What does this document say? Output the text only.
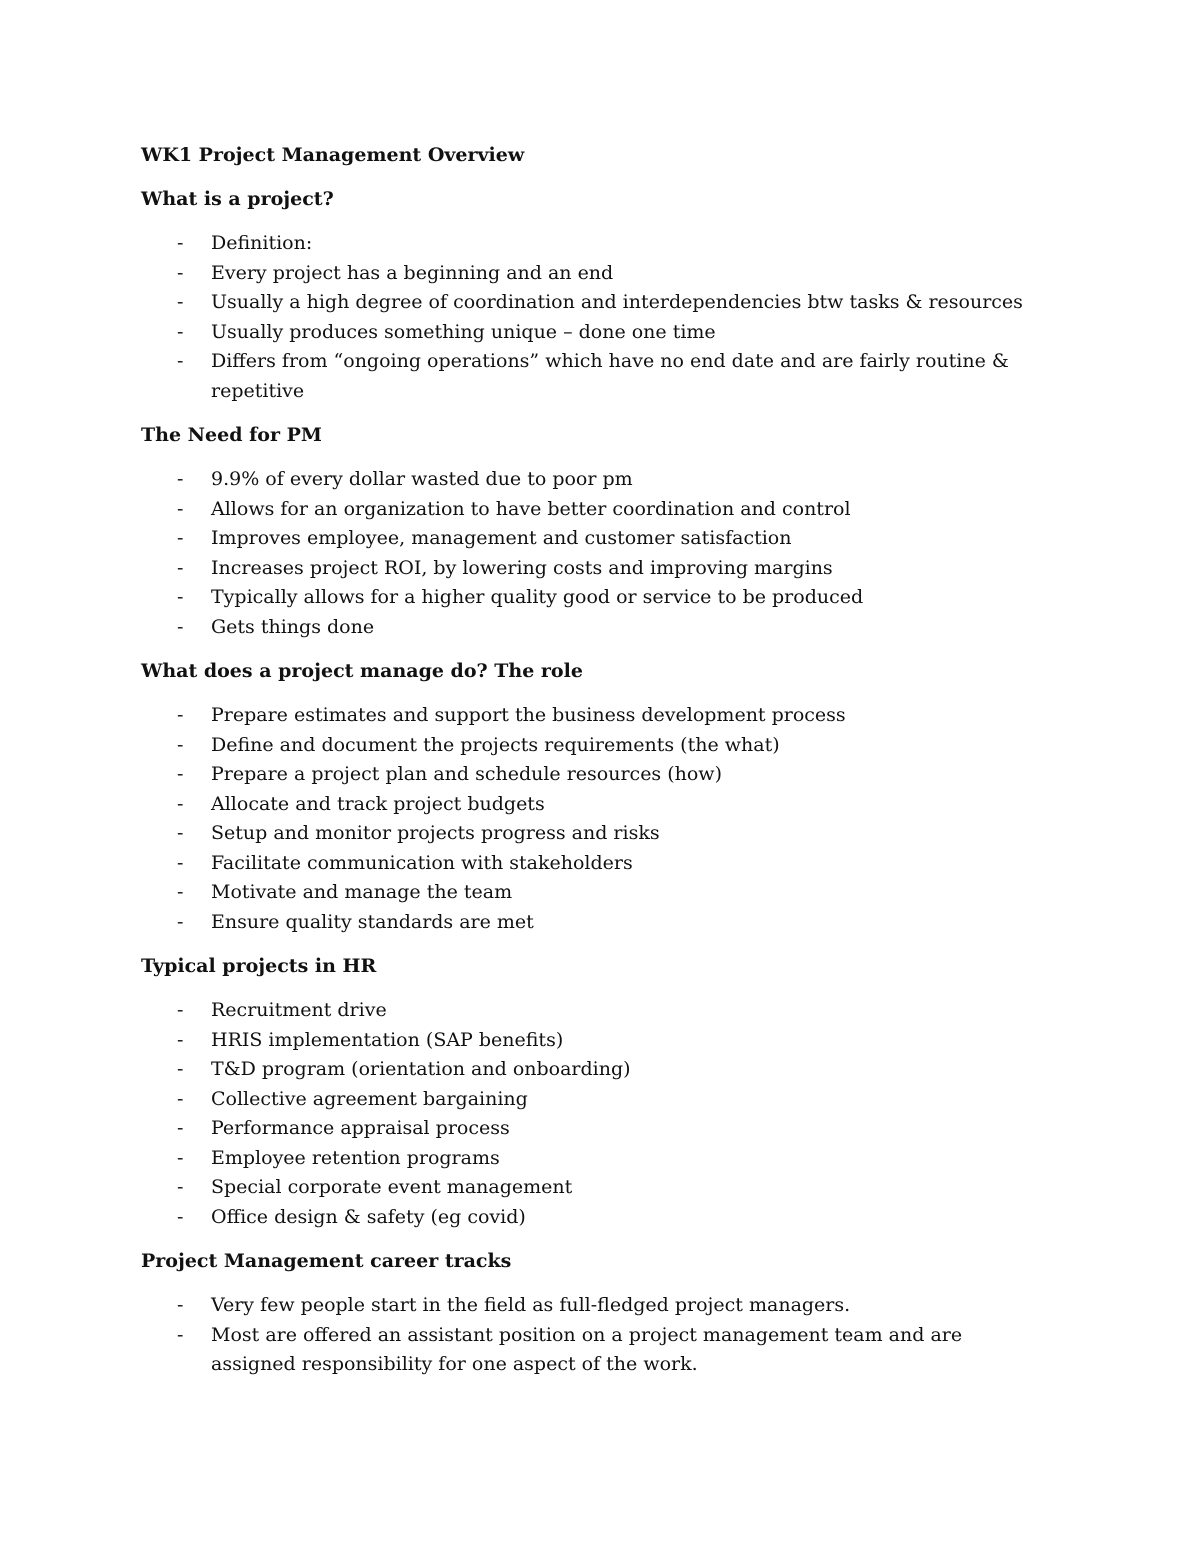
WK1 Project Management Overview
What is a project?
- Definition:
- Every project has a beginning and an end
- Usually a high degree of coordination and interdependencies btw tasks & resources
- Usually produces something unique – done one time
- Differs from “ongoing operations” which have no end date and are fairly routine & repetitive
The Need for PM
- 9.9% of every dollar wasted due to poor pm
- Allows for an organization to have better coordination and control
- Improves employee, management and customer satisfaction
- Increases project ROI, by lowering costs and improving margins
- Typically allows for a higher quality good or service to be produced
- Gets things done
What does a project manage do? The role
- Prepare estimates and support the business development process
- Define and document the projects requirements (the what)
- Prepare a project plan and schedule resources (how)
- Allocate and track project budgets
- Setup and monitor projects progress and risks
- Facilitate communication with stakeholders
- Motivate and manage the team
- Ensure quality standards are met
Typical projects in HR
- Recruitment drive
- HRIS implementation (SAP benefits)
- T&D program (orientation and onboarding)
- Collective agreement bargaining
- Performance appraisal process
- Employee retention programs
- Special corporate event management
- Office design & safety (eg covid)
Project Management career tracks
- Very few people start in the field as full-fledged project managers.
- Most are offered an assistant position on a project management team and are assigned responsibility for one aspect of the work.
